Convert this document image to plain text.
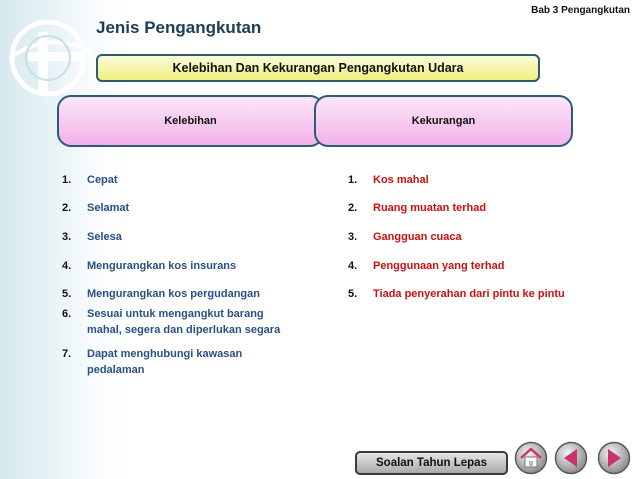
Bab 3 Pengangkutan
Jenis Pengangkutan
Kelebihan Dan Kekurangan Pengangkutan Udara
Kelebihan	Kekurangan
1. Cepat
2. Selamat
3. Selesa
4. Mengurangkan kos insurans
5. Mengurangkan kos pergudangan
6. Sesuai untuk mengangkut barang
mahal, segera dan diperlukan segara
7. Dapat menghubungi kawasan
pedalaman
1. Kos mahal
2. Ruang muatan terhad
3. Gangguan cuaca
4. Penggunaan yang terhad
5. Tiada penyerahan dari pintu ke pintu
Soalan Tahun Lepas
